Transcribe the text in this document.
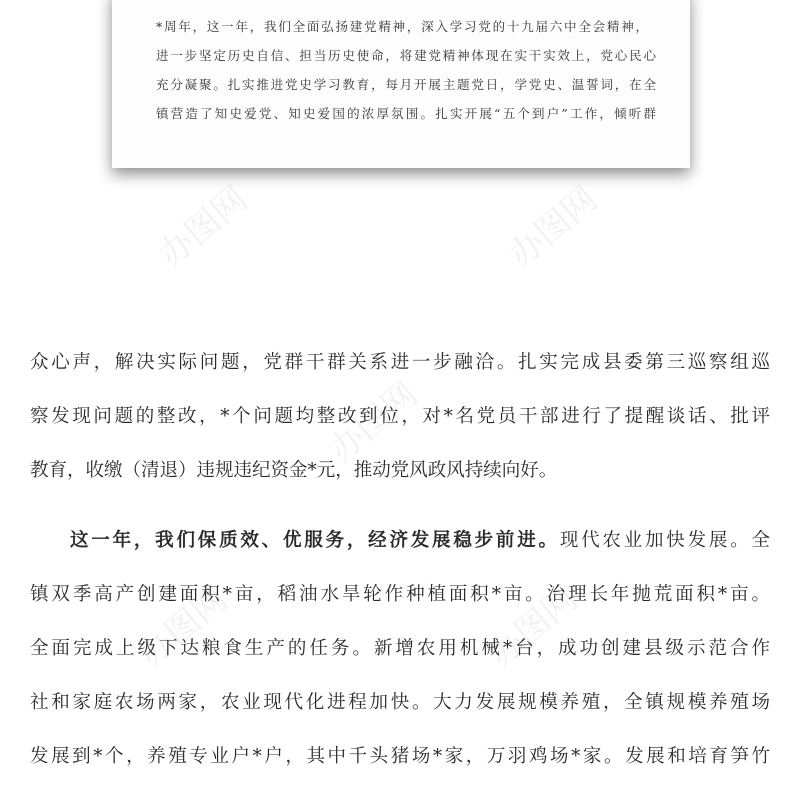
办图网	办图网
办图网
办图网	办图网
*周年，这一年，我们全面弘扬建党精神，深入学习党的十九届六中全会精神，
进一步坚定历史自信、担当历史使命，将建党精神体现在实干实效上，党心民心
充分凝聚。扎实推进党史学习教育，每月开展主题党日，学党史、温誓词，在全
镇营造了知史爱党、知史爱国的浓厚氛围。扎实开展“五个到户”工作，倾听群
众心声，解决实际问题，党群干群关系进一步融洽。扎实完成县委第三巡察组巡
察发现问题的整改，*个问题均整改到位，对*名党员干部进行了提醒谈话、批评
教育，收缴（清退）违规违纪资金*元，推动党风政风持续向好。
这一年，我们保质效、优服务，经济发展稳步前进。现代农业加快发展。全
镇双季高产创建面积*亩，稻油水旱轮作种植面积*亩。治理长年抛荒面积*亩。
全面完成上级下达粮食生产的任务。新增农用机械*台，成功创建县级示范合作
社和家庭农场两家，农业现代化进程加快。大力发展规模养殖，全镇规模养殖场
发展到*个，养殖专业户*户，其中千头猪场*家，万羽鸡场*家。发展和培育笋竹
